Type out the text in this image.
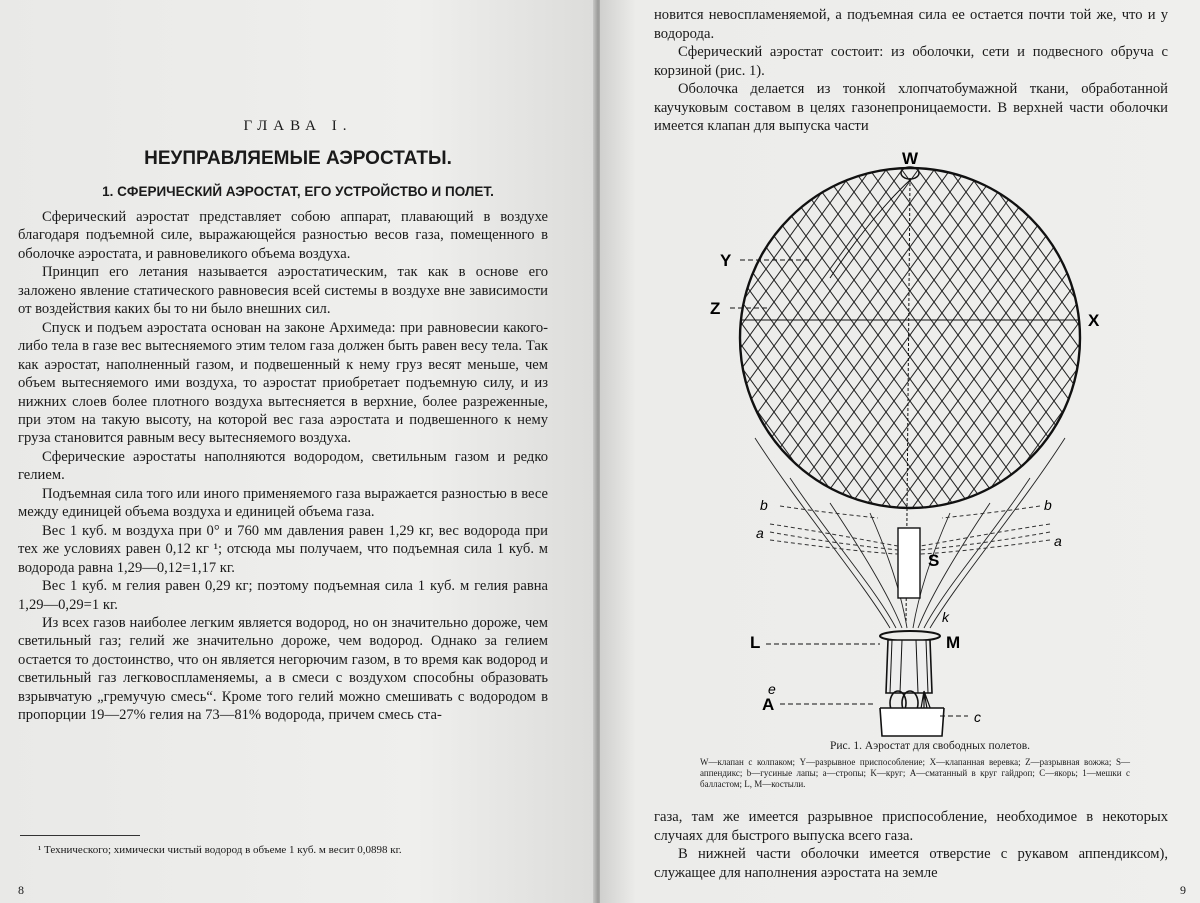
ГЛАВА I.
НЕУПРАВЛЯЕМЫЕ АЭРОСТАТЫ.
1. СФЕРИЧЕСКИЙ АЭРОСТАТ, ЕГО УСТРОЙСТВО И ПОЛЕТ.

Сферический аэростат представляет собою аппарат, плавающий в воздухе благодаря подъемной силе, выражающейся разностью весов газа, помещенного в оболочке аэростата, и равновеликого объема воздуха.

Принцип его летания называется аэростатическим, так как в основе его заложено явление статического равновесия всей системы в воздухе вне зависимости от воздействия каких бы то ни было внешних сил.

Спуск и подъем аэростата основан на законе Архимеда: при равновесии какого-либо тела в газе вес вытесняемого этим телом газа должен быть равен весу тела. Так как аэростат, наполненный газом, и подвешенный к нему груз весят меньше, чем объем вытесняемого ими воздуха, то аэростат приобретает подъемную силу, и из нижних слоев более плотного воздуха вытесняется в верхние, более разреженные, при этом на такую высоту, на которой вес газа аэростата и подвешенного к нему груза становится равным весу вытесняемого воздуха.

Сферические аэростаты наполняются водородом, светильным газом и редко гелием.

Подъемная сила того или иного применяемого газа выражается разностью в весе между единицей объема воздуха и единицей объема газа.

Вес 1 куб. м воздуха при 0° и 760 мм давления равен 1,29 кг, вес водорода при тех же условиях равен 0,12 кг ¹; отсюда мы получаем, что подъемная сила 1 куб. м водорода равна 1,29—0,12=1,17 кг.

Вес 1 куб. м гелия равен 0,29 кг; поэтому подъемная сила 1 куб. м гелия равна 1,29—0,29=1 кг.

Из всех газов наиболее легким является водород, но он значительно дороже, чем светильный газ; гелий же значительно дороже, чем водород. Однако за гелием остается то достоинство, что он является негорючим газом, в то время как водород и светильный газ легковоспламеняемы, а в смеси с воздухом способны образовать взрывчатую „гремучую смесь“. Кроме того гелий можно смешивать с водородом в пропорции 19—27% гелия на 73—81% водорода, причем смесь ста-

¹ Технического; химически чистый водород в объеме 1 куб. м весит 0,0898 кг.

8

новится невоспламеняемой, а подъемная сила ее остается почти той же, что и у водорода.

Сферический аэростат состоит: из оболочки, сети и подвесного обруча с корзиной (рис. 1).

Оболочка делается из тонкой хлопчатобумажной ткани, обработанной каучуковым составом в целях газонепроницаемости. В верхней части оболочки имеется клапан для выпуска части

W
Y
Z
X
b	b
a	a
S
k
L	M
e
A
c
Рис. 1. Аэростат для свободных полетов.
W—клапан с колпаком; Y—разрывное приспособление; X—клапанная веревка; Z—разрывная вожжа; S—аппендикс; b—гусиные лапы; a—стропы; K—круг; A—сматанный в круг гайдроп; C—якорь; 1—мешки с балластом; L, M—костыли.

газа, там же имеется разрывное приспособление, необходимое в некоторых случаях для быстрого выпуска всего газа.

В нижней части оболочки имеется отверстие с рукавом аппендиксом), служащее для наполнения аэростата на земле

9
